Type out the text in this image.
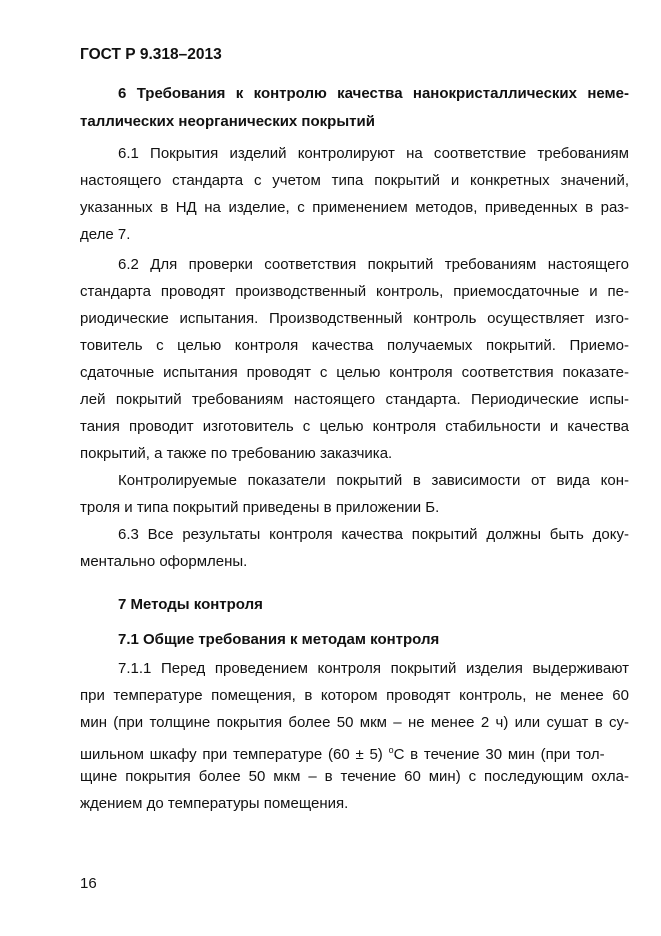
ГОСТ Р 9.318–2013
6 Требования к контролю качества нанокристаллических неме-
таллических неорганических покрытий
6.1 Покрытия изделий контролируют на соответствие требованиям
настоящего стандарта с учетом типа покрытий и конкретных значений,
указанных в НД на изделие, с применением методов, приведенных в раз-
деле 7.
6.2 Для проверки соответствия покрытий требованиям настоящего
стандарта проводят производственный контроль, приемосдаточные и пе-
риодические испытания. Производственный контроль осуществляет изго-
товитель с целью контроля качества получаемых покрытий. Приемо-
сдаточные испытания проводят с целью контроля соответствия показате-
лей покрытий требованиям настоящего стандарта. Периодические испы-
тания проводит изготовитель с целью контроля стабильности и качества
покрытий, а также по требованию заказчика.
Контролируемые показатели покрытий в зависимости от вида кон-
троля и типа покрытий приведены в приложении Б.
6.3 Все результаты контроля качества покрытий должны быть доку-
ментально оформлены.
7 Методы контроля
7.1 Общие требования к методам контроля
7.1.1 Перед проведением контроля покрытий изделия выдерживают
при температуре помещения, в котором проводят контроль, не менее 60
мин (при толщине покрытия более 50 мкм – не менее 2 ч) или сушат в су-
шильном шкафу при температуре (60 ± 5) $^o$С в течение 30 мин (при тол-
щине покрытия более 50 мкм – в течение 60 мин) с последующим охла-
ждением до температуры помещения.
16
